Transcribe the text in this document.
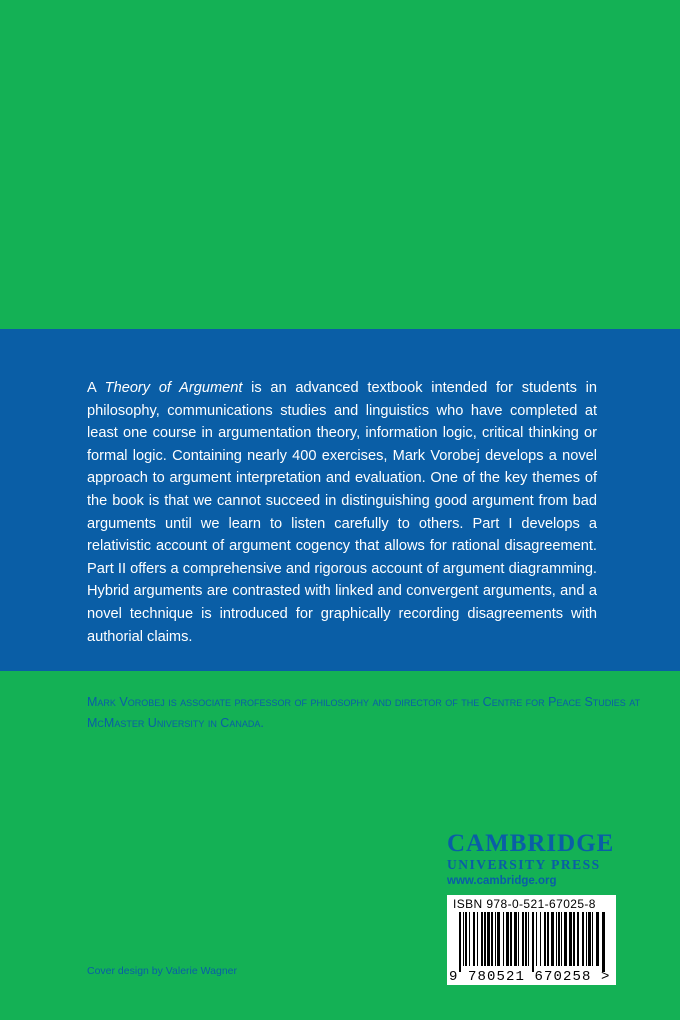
A Theory of Argument is an advanced textbook intended for students in philosophy, communications studies and linguistics who have completed at least one course in argumentation theory, information logic, critical thinking or formal logic. Containing nearly 400 exercises, Mark Vorobej develops a novel approach to argument interpretation and evaluation. One of the key themes of the book is that we cannot succeed in distinguishing good argument from bad arguments until we learn to listen carefully to others. Part I develops a relativistic account of argument cogency that allows for rational disagreement. Part II offers a comprehensive and rigorous account of argument diagramming. Hybrid arguments are contrasted with linked and convergent arguments, and a novel technique is introduced for graphically recording disagreements with authorial claims.

Mark Vorobej is associate professor of philosophy and director of the Centre for Peace Studies at McMaster University in Canada.

CAMBRIDGE
UNIVERSITY PRESS
www.cambridge.org
ISBN 978-0-521-67025-8
9 780521 670258 >
Cover design by Valerie Wagner
